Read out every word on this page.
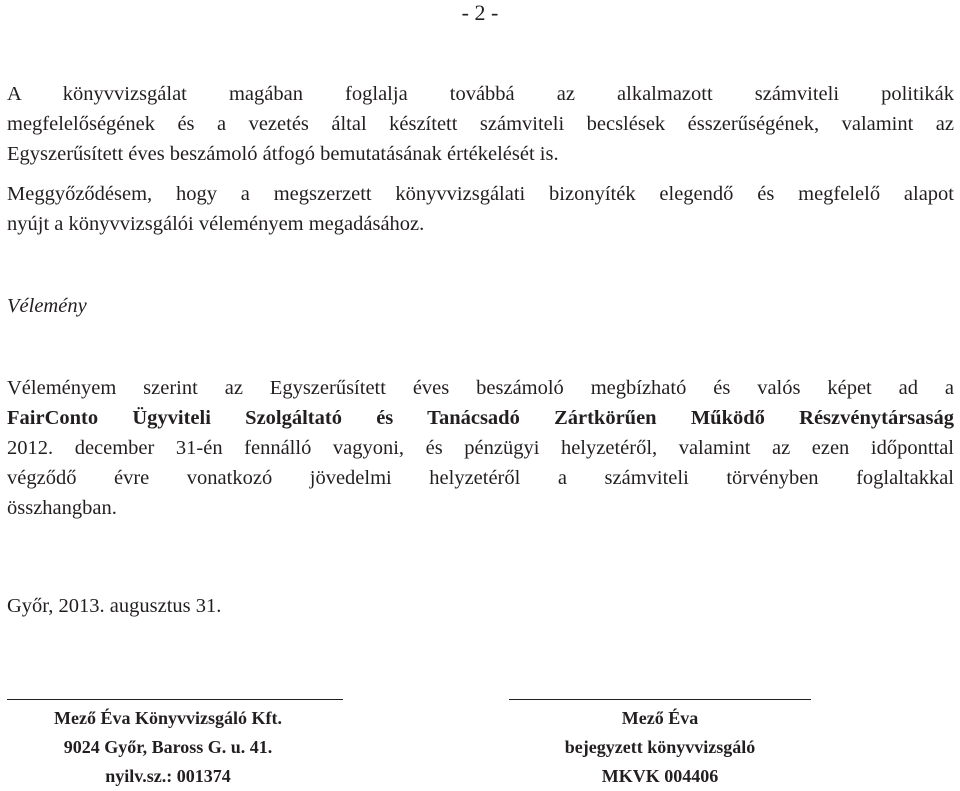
- 2 -
A könyvvizsgálat magában foglalja továbbá az alkalmazott számviteli politikák
megfelelőségének és a vezetés által készített számviteli becslések ésszerűségének, valamint az
Egyszerűsített éves beszámoló átfogó bemutatásának értékelését is.
Meggyőződésem, hogy a megszerzett könyvvizsgálati bizonyíték elegendő és megfelelő alapot
nyújt a könyvvizsgálói véleményem megadásához.
Vélemény
Véleményem szerint az Egyszerűsített éves beszámoló megbízható és valós képet ad a
FairConto Ügyviteli Szolgáltató és Tanácsadó Zártkörűen Működő Részvénytársaság
2012. december 31-én fennálló vagyoni, és pénzügyi helyzetéről, valamint az ezen időponttal
végződő évre vonatkozó jövedelmi helyzetéről a számviteli törvényben foglaltakkal
összhangban.
Győr, 2013. augusztus 31.
Mező Éva Könyvvizsgáló Kft.
9024 Győr, Baross G. u. 41.
nyilv.sz.: 001374
Mező Éva
bejegyzett könyvvizsgáló
MKVK 004406
